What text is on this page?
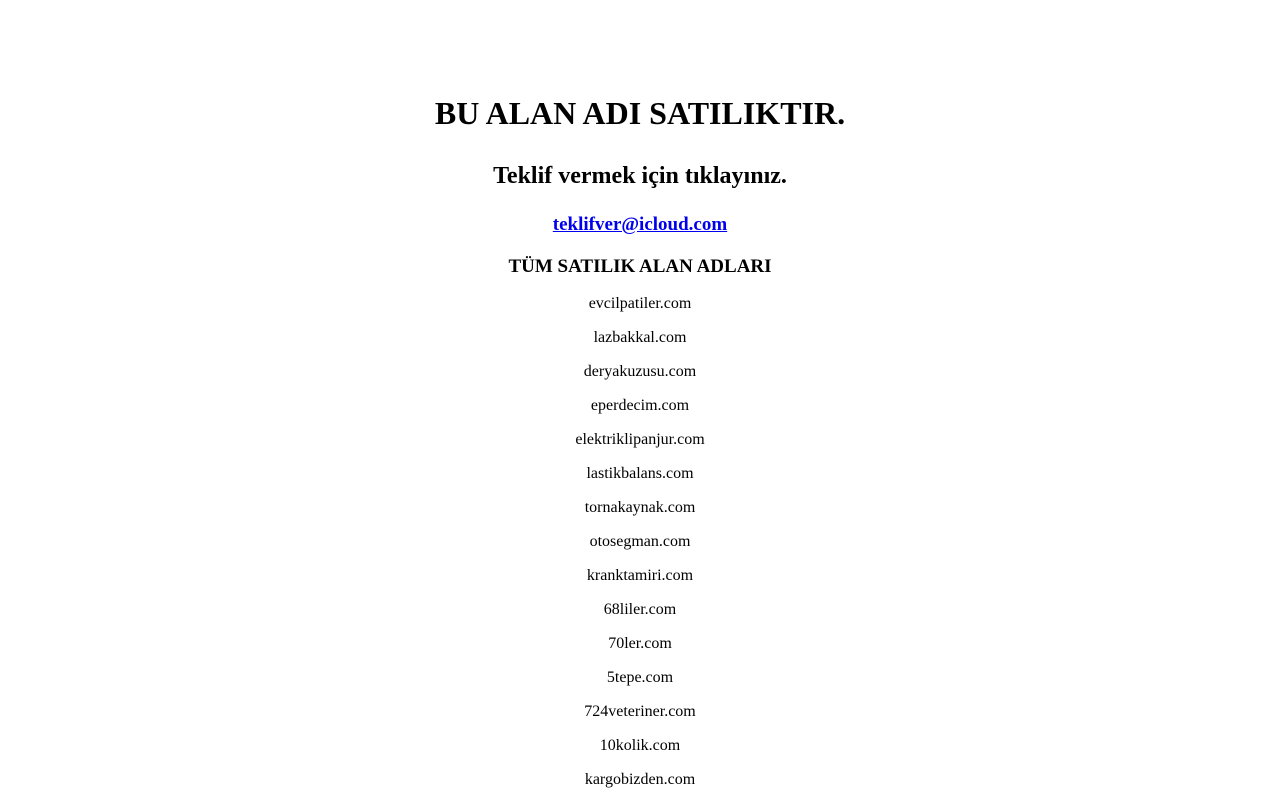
BU ALAN ADI SATILIKTIR.
Teklif vermek için tıklayınız.

teklifver@icloud.com

TÜM SATILIK ALAN ADLARI
evcilpatiler.com
lazbakkal.com
deryakuzusu.com
eperdecim.com
elektriklipanjur.com
lastikbalans.com
tornakaynak.com
otosegman.com
kranktamiri.com
68liler.com
70ler.com
5tepe.com
724veteriner.com
10kolik.com
kargobizden.com
